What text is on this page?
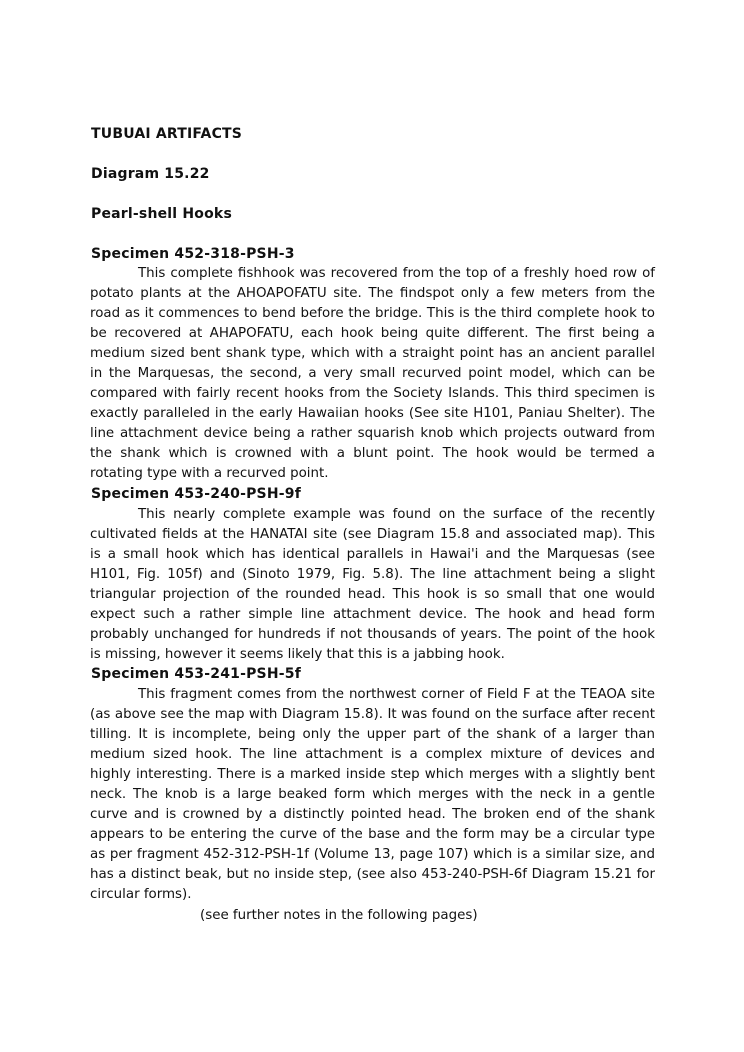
TUBUAI ARTIFACTS
Diagram 15.22
Pearl-shell Hooks
Specimen 452-318-PSH-3

This complete fishhook was recovered from the top of a freshly hoed row of potato plants at the AHOAPOFATU site. The findspot only a few meters from the road as it commences to bend before the bridge. This is the third complete hook to be recovered at AHAPOFATU, each hook being quite different. The first being a medium sized bent shank type, which with a straight point has an ancient parallel in the Marquesas, the second, a very small recurved point model, which can be compared with fairly recent hooks from the Society Islands. This third specimen is exactly paralleled in the early Hawaiian hooks (See site H101, Paniau Shelter). The line attachment device being a rather squarish knob which projects outward from the shank which is crowned with a blunt point. The hook would be termed a rotating type with a recurved point.

Specimen 453-240-PSH-9f

This nearly complete example was found on the surface of the recently cultivated fields at the HANATAI site (see Diagram 15.8 and associated map). This is a small hook which has identical parallels in Hawai'i and the Marquesas (see H101, Fig. 105f) and (Sinoto 1979, Fig. 5.8). The line attachment being a slight triangular projection of the rounded head. This hook is so small that one would expect such a rather simple line attachment device. The hook and head form probably unchanged for hundreds if not thousands of years. The point of the hook is missing, however it seems likely that this is a jabbing hook.

Specimen 453-241-PSH-5f

This fragment comes from the northwest corner of Field F at the TEAOA site (as above see the map with Diagram 15.8). It was found on the surface after recent tilling. It is incomplete, being only the upper part of the shank of a larger than medium sized hook. The line attachment is a complex mixture of devices and highly interesting. There is a marked inside step which merges with a slightly bent neck. The knob is a large beaked form which merges with the neck in a gentle curve and is crowned by a distinctly pointed head. The broken end of the shank appears to be entering the curve of the base and the form may be a circular type as per fragment 452-312-PSH-1f (Volume 13, page 107) which is a similar size, and has a distinct beak, but no inside step, (see also 453-240-PSH-6f Diagram 15.21 for circular forms).

(see further notes in the following pages)
